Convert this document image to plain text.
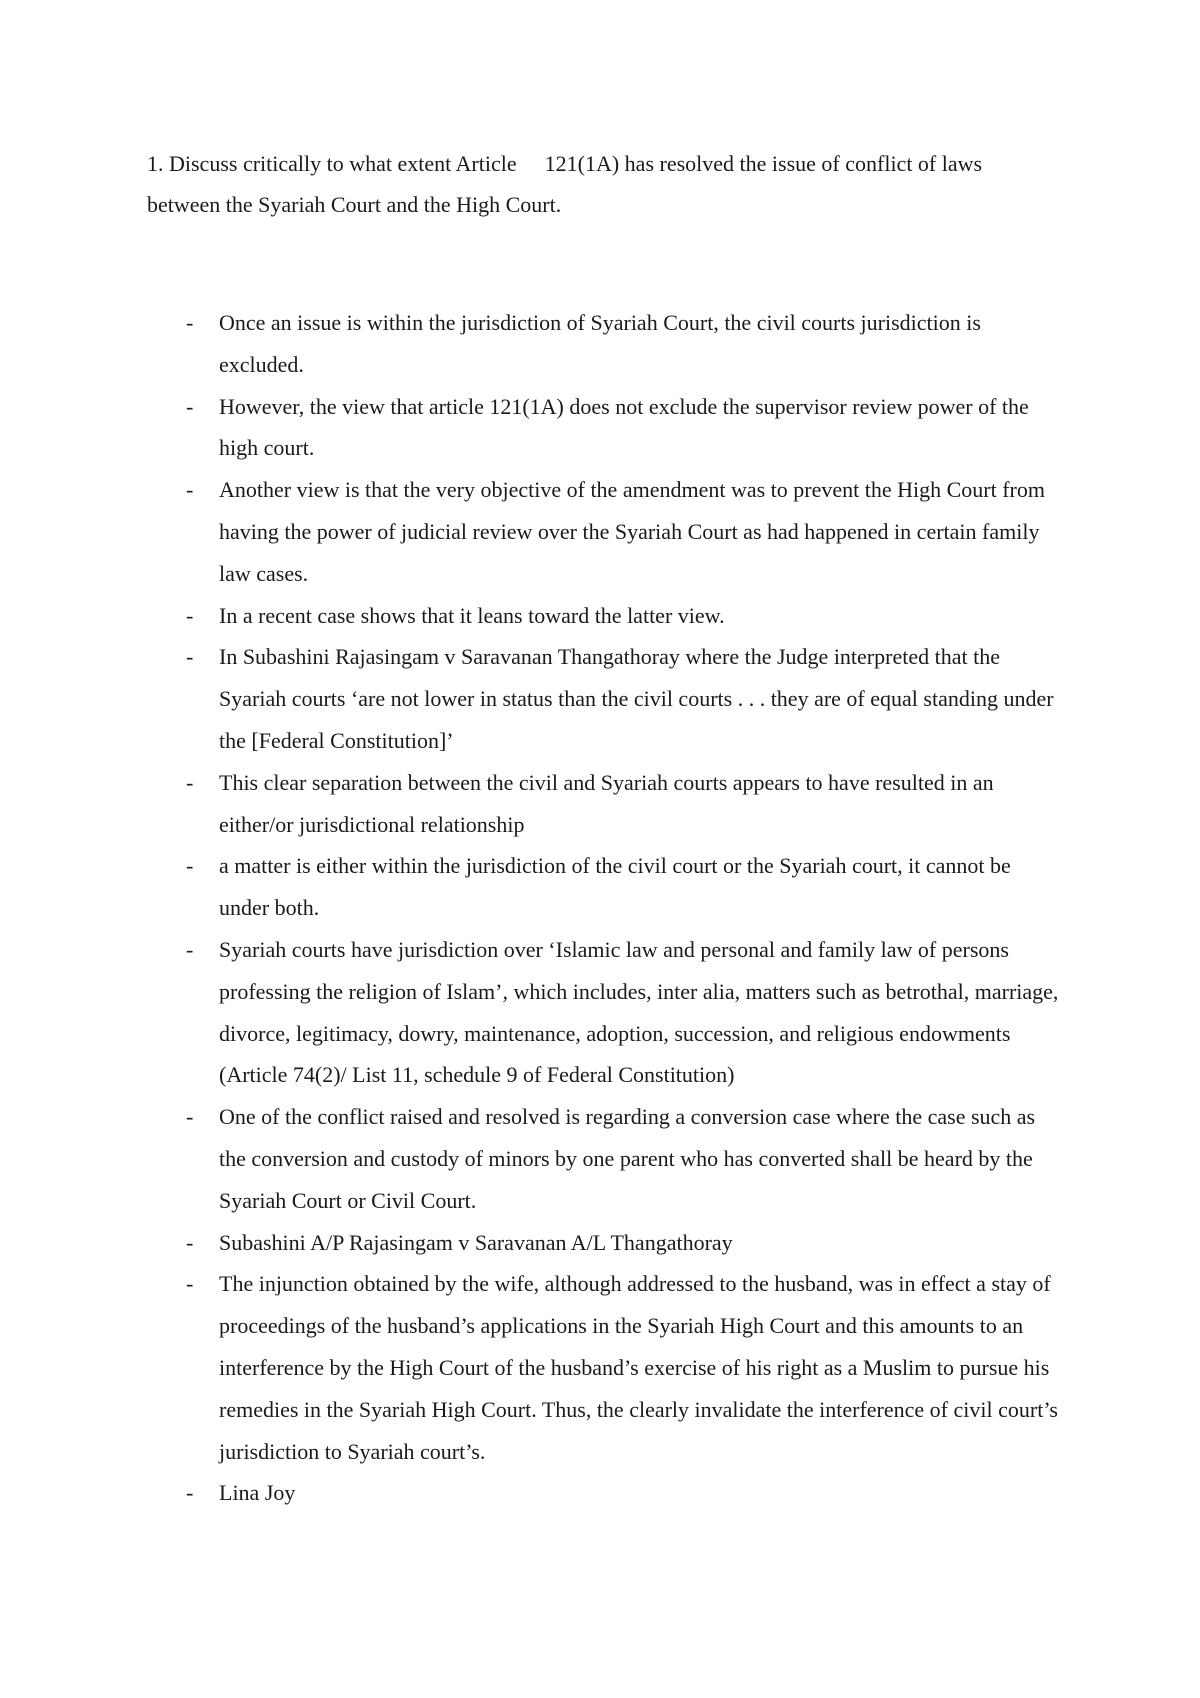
1. Discuss critically to what extent Article 121(1A) has resolved the issue of conflict of laws between the Syariah Court and the High Court.

- Once an issue is within the jurisdiction of Syariah Court, the civil courts jurisdiction is excluded.
- However, the view that article 121(1A) does not exclude the supervisor review power of the high court.
- Another view is that the very objective of the amendment was to prevent the High Court from having the power of judicial review over the Syariah Court as had happened in certain family law cases.
- In a recent case shows that it leans toward the latter view.
- In Subashini Rajasingam v Saravanan Thangathoray where the Judge interpreted that the Syariah courts ‘are not lower in status than the civil courts . . . they are of equal standing under the [Federal Constitution]’
- This clear separation between the civil and Syariah courts appears to have resulted in an either/or jurisdictional relationship
- a matter is either within the jurisdiction of the civil court or the Syariah court, it cannot be under both.
- Syariah courts have jurisdiction over ‘Islamic law and personal and family law of persons professing the religion of Islam’, which includes, inter alia, matters such as betrothal, marriage, divorce, legitimacy, dowry, maintenance, adoption, succession, and religious endowments (Article 74(2)/ List 11, schedule 9 of Federal Constitution)
- One of the conflict raised and resolved is regarding a conversion case where the case such as the conversion and custody of minors by one parent who has converted shall be heard by the Syariah Court or Civil Court.
- Subashini A/P Rajasingam v Saravanan A/L Thangathoray
- The injunction obtained by the wife, although addressed to the husband, was in effect a stay of proceedings of the husband’s applications in the Syariah High Court and this amounts to an interference by the High Court of the husband’s exercise of his right as a Muslim to pursue his remedies in the Syariah High Court. Thus, the clearly invalidate the interference of civil court’s jurisdiction to Syariah court’s.
- Lina Joy
